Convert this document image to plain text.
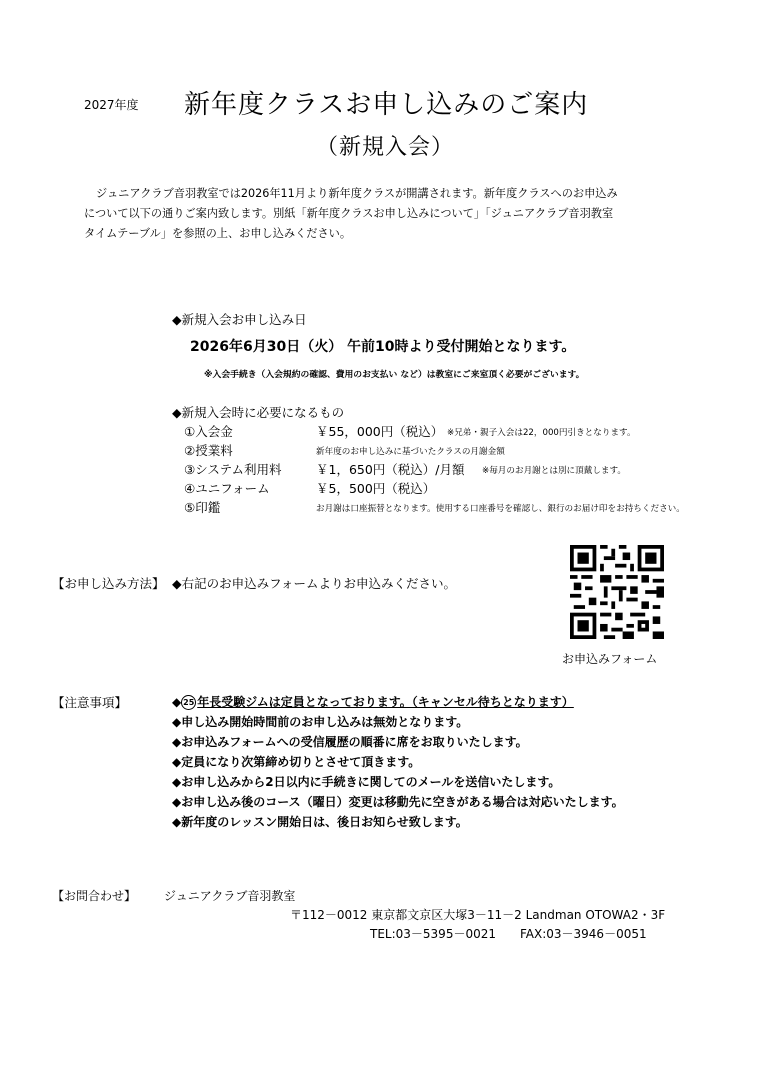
2027年度 新年度クラスお申し込みのご案内
（新規入会）
ジュニアクラブ音羽教室では2026年11月より新年度クラスが開講されます。新年度クラスへのお申込み
について以下の通りご案内致します。別紙「新年度クラスお申し込みについて」「ジュニアクラブ音羽教室
タイムテーブル」を参照の上、お申し込みください。
◆新規入会お申し込み日
2026年6月30日（火） 午前10時より受付開始となります。
※入会手続き（入会規約の確認、費用のお支払い など）は教室にご来室頂く必要がございます。
◆新規入会時に必要になるもの
①入会金	￥55，000円（税込） ※兄弟・親子入会は22，000円引きとなります。
②授業料	新年度のお申し込みに基づいたクラスの月謝金額
③システム利用料	￥1，650円（税込）/月額 ※毎月のお月謝とは別に頂戴します。
④ユニフォーム	￥5，500円（税込）
⑤印鑑	お月謝は口座振替となります。使用する口座番号を確認し、銀行のお届け印をお持ちください。
【お申し込み方法】 ◆右記のお申込みフォームよりお申込みください。
お申込みフォーム
【注意事項】	◆ 25 年長受験ジムは定員となっております。（キャンセル待ちとなります）
◆申し込み開始時間前のお申し込みは無効となります。
◆お申込みフォームへの受信履歴の順番に席をお取りいたします。
◆定員になり次第締め切りとさせて頂きます。
◆お申し込みから2日以内に手続きに関してのメールを送信いたします。
◆お申し込み後のコース（曜日）変更は移動先に空きがある場合は対応いたします。
◆新年度のレッスン開始日は、後日お知らせ致します。
【お問合わせ】 ジュニアクラブ音羽教室
〒112－0012 東京都文京区大塚3－11－2 Landman OTOWA2・3F
TEL:03－5395－0021　　FAX:03－3946－0051
